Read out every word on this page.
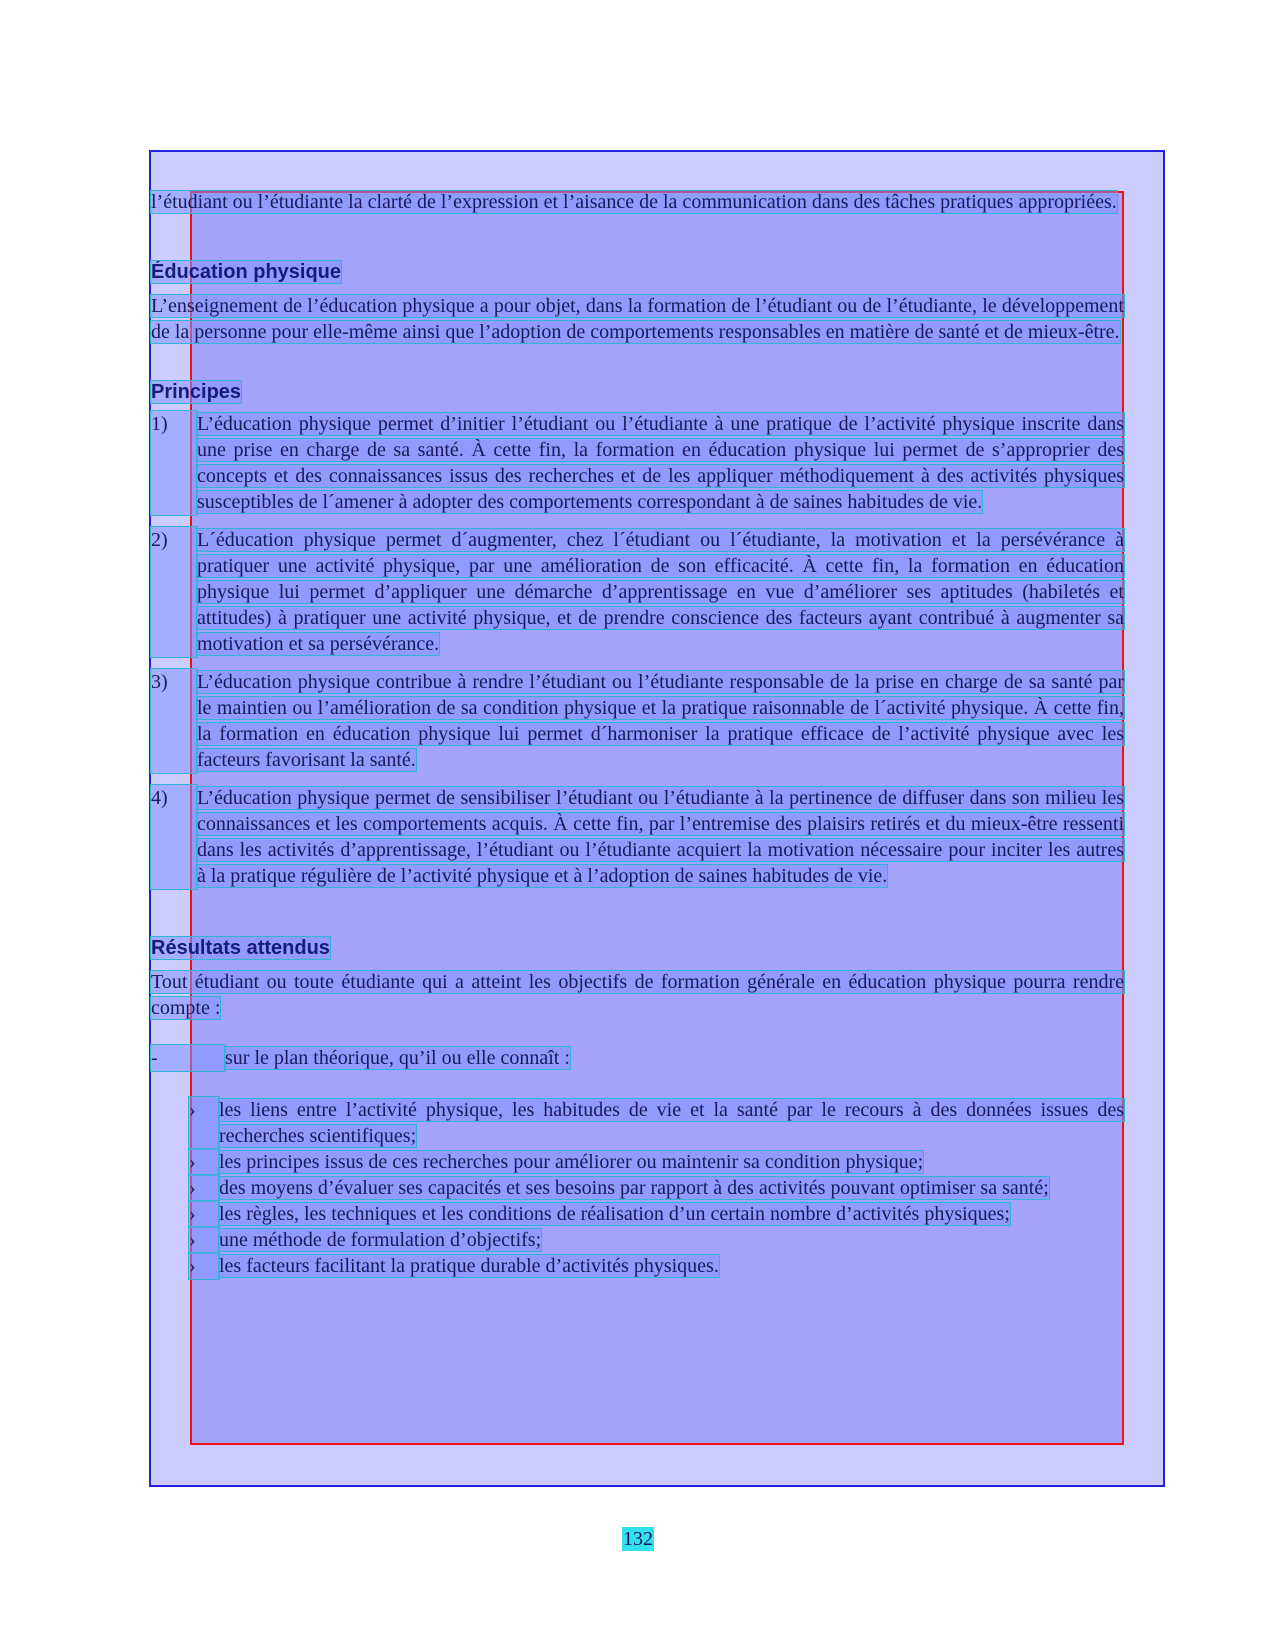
l’étudiant ou l’étudiante la clarté de l’expression et l’aisance de la communication dans des tâches pratiques appropriées.

Éducation physique

L’enseignement de l’éducation physique a pour objet, dans la formation de l’étudiant ou de l’étudiante, le développement de la personne pour elle-même ainsi que l’adoption de comportements responsables en matière de santé et de mieux-être.

Principes
1)	L’éducation physique permet d’initier l’étudiant ou l’étudiante à une pratique de l’activité physique inscrite dans une prise en charge de sa santé. À cette fin, la formation en éducation physique lui permet de s’approprier des concepts et des connaissances issus des recherches et de les appliquer méthodiquement à des activités physiques susceptibles de l´amener à adopter des comportements correspondant à de saines habitudes de vie.
2)	L´éducation physique permet d´augmenter, chez l´étudiant ou l´étudiante, la motivation et la persévérance à pratiquer une activité physique, par une amélioration de son efficacité. À cette fin, la formation en éducation physique lui permet d’appliquer une démarche d’apprentissage en vue d’améliorer ses aptitudes (habiletés et attitudes) à pratiquer une activité physique, et de prendre conscience des facteurs ayant contribué à augmenter sa motivation et sa persévérance.
3)	L’éducation physique contribue à rendre l’étudiant ou l’étudiante responsable de la prise en charge de sa santé par le maintien ou l’amélioration de sa condition physique et la pratique raisonnable de l´activité physique. À cette fin, la formation en éducation physique lui permet d´harmoniser la pratique efficace de l’activité physique avec les facteurs favorisant la santé.
4)	L’éducation physique permet de sensibiliser l’étudiant ou l’étudiante à la pertinence de diffuser dans son milieu les connaissances et les comportements acquis. À cette fin, par l’entremise des plaisirs retirés et du mieux-être ressenti dans les activités d’apprentissage, l’étudiant ou l’étudiante acquiert la motivation nécessaire pour inciter les autres à la pratique régulière de l’activité physique et à l’adoption de saines habitudes de vie.
Résultats attendus

Tout étudiant ou toute étudiante qui a atteint les objectifs de formation générale en éducation physique pourra rendre compte :

-	sur le plan théorique, qu’il ou elle connaît :
›	les liens entre l’activité physique, les habitudes de vie et la santé par le recours à des données issues des recherches scientifiques;
›	les principes issus de ces recherches pour améliorer ou maintenir sa condition physique;
›	des moyens d’évaluer ses capacités et ses besoins par rapport à des activités pouvant optimiser sa santé;
›	les règles, les techniques et les conditions de réalisation d’un certain nombre d’activités physiques;
›	une méthode de formulation d’objectifs;
›	les facteurs facilitant la pratique durable d’activités physiques.
132
